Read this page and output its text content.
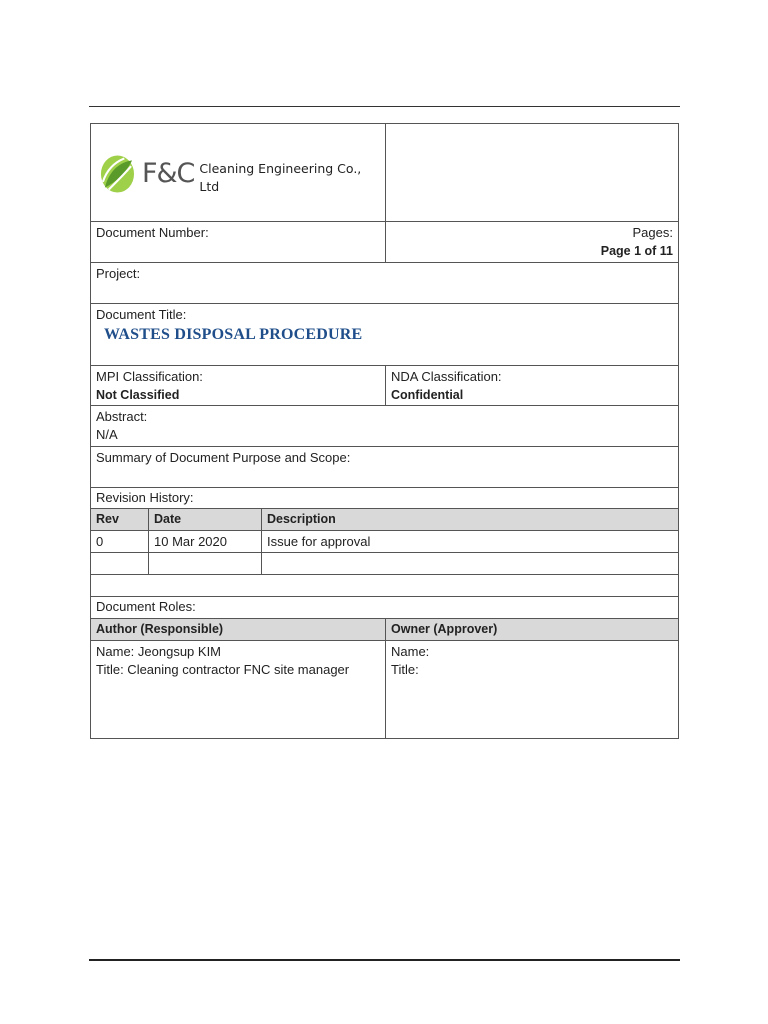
F&C Cleaning Engineering Co., Ltd
Document Number:	Pages:
Page 1 of 11
Project:
Document Title:
WASTES DISPOSAL PROCEDURE
MPI Classification:
Not Classified
NDA Classification:
Confidential
Abstract:
N/A
Summary of Document Purpose and Scope:
Revision History:
Rev	Date	Description
0	10 Mar 2020	Issue for approval
Document Roles:
Author (Responsible)	Owner (Approver)
Name: Jeongsup KIM
Title: Cleaning contractor FNC site manager
Name:
Title:
